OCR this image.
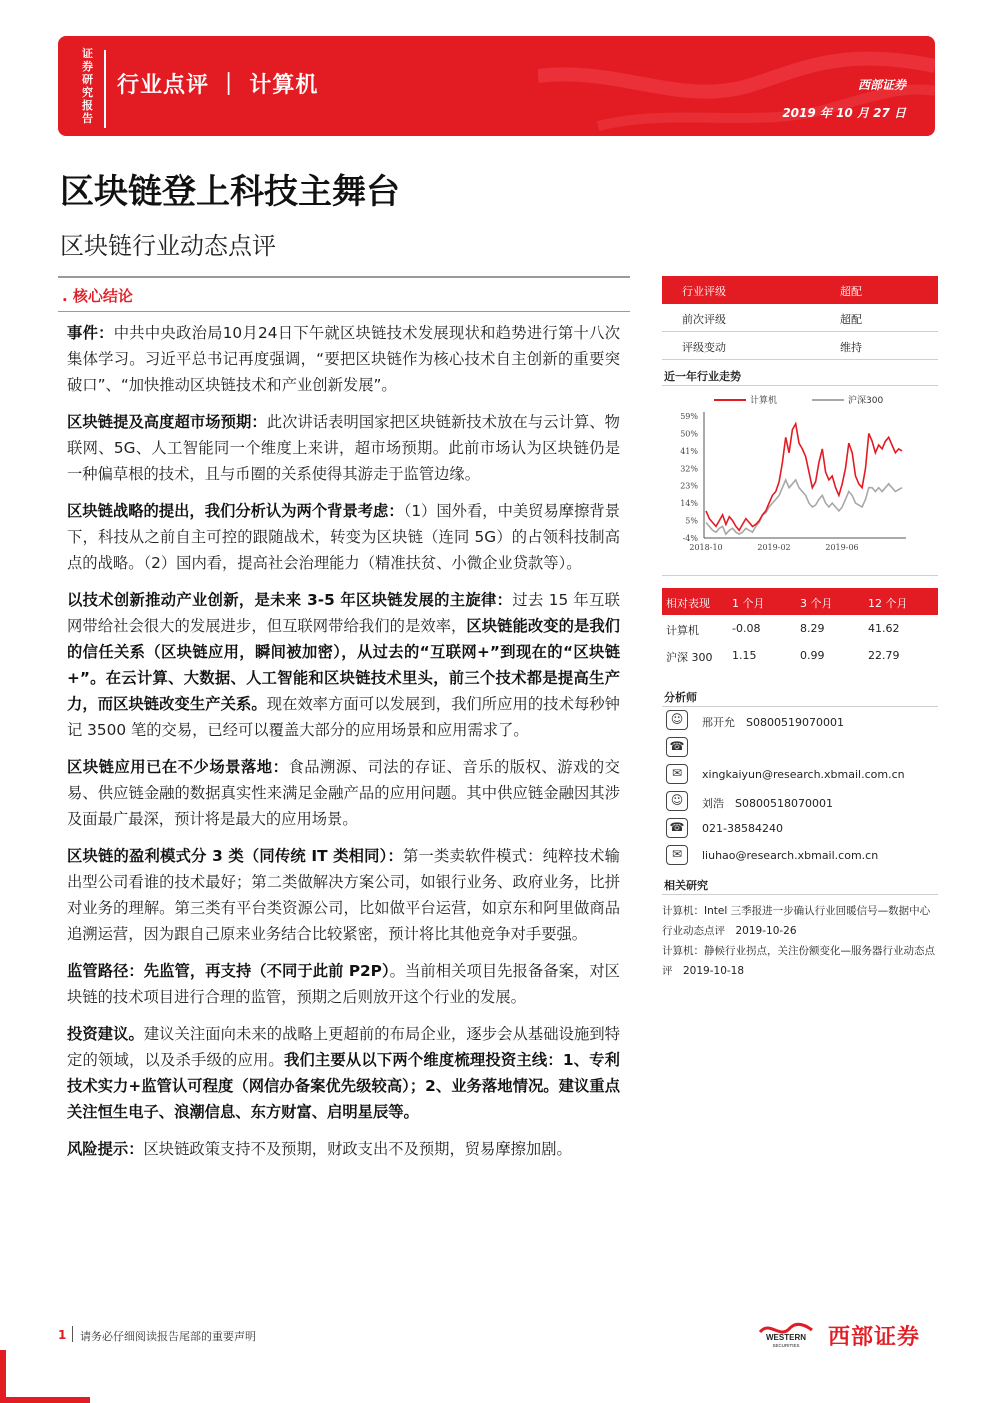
证券研究报告
行业点评 ｜ 计算机	西部证券
2019 年 10 月 27 日
区块链登上科技主舞台
区块链行业动态点评
. 核心结论

事件：中共中央政治局10月24日下午就区块链技术发展现状和趋势进行第十八次集体学习。习近平总书记再度强调，“要把区块链作为核心技术自主创新的重要突破口”、“加快推动区块链技术和产业创新发展”。

区块链提及高度超市场预期：此次讲话表明国家把区块链新技术放在与云计算、物联网、5G、人工智能同一个维度上来讲，超市场预期。此前市场认为区块链仍是一种偏草根的技术，且与币圈的关系使得其游走于监管边缘。

区块链战略的提出，我们分析认为两个背景考虑：（1）国外看，中美贸易摩擦背景下，科技从之前自主可控的跟随战术，转变为区块链（连同 5G）的占领科技制高点的战略。（2）国内看，提高社会治理能力（精准扶贫、小微企业贷款等）。

以技术创新推动产业创新，是未来 3-5 年区块链发展的主旋律：过去 15 年互联网带给社会很大的发展进步，但互联网带给我们的是效率，区块链能改变的是我们的信任关系（区块链应用，瞬间被加密），从过去的“互联网+”到现在的“区块链+”。在云计算、大数据、人工智能和区块链技术里头，前三个技术都是提高生产力，而区块链改变生产关系。现在效率方面可以发展到，我们所应用的技术每秒钟记 3500 笔的交易，已经可以覆盖大部分的应用场景和应用需求了。

区块链应用已在不少场景落地：食品溯源、司法的存证、音乐的版权、游戏的交易、供应链金融的数据真实性来满足金融产品的应用问题。其中供应链金融因其涉及面最广最深，预计将是最大的应用场景。

区块链的盈利模式分 3 类（同传统 IT 类相同）：第一类卖软件模式：纯粹技术输出型公司看谁的技术最好；第二类做解决方案公司，如银行业务、政府业务，比拼对业务的理解。第三类有平台类资源公司，比如做平台运营，如京东和阿里做商品追溯运营，因为跟自己原来业务结合比较紧密，预计将比其他竞争对手要强。

监管路径：先监管，再支持（不同于此前 P2P）。当前相关项目先报备备案，对区块链的技术项目进行合理的监管，预期之后则放开这个行业的发展。

投资建议。建议关注面向未来的战略上更超前的布局企业，逐步会从基础设施到特定的领域，以及杀手级的应用。我们主要从以下两个维度梳理投资主线：1、专利技术实力+监管认可程度（网信办备案优先级较高）；2、业务落地情况。建议重点关注恒生电子、浪潮信息、东方财富、启明星辰等。

风险提示：区块链政策支持不及预期，财政支出不及预期，贸易摩擦加剧。

行业评级	超配
前次评级	超配
评级变动	维持
近一年行业走势
59%
50%
41%
32%
23%
14%
5%
-4%
2018-10	2019-02	2019-06
计算机	沪深300
相对表现 1 个月	3 个月	12 个月
计算机	-0.08	8.29	41.62
沪深 300 1.15	0.99	22.79
分析师
☺	邢开允　S0800519070001
☎
✉	xingkaiyun@research.xbmail.com.cn
☺	刘浩　S0800518070001
☎	021-38584240
✉	liuhao@research.xbmail.com.cn
相关研究

计算机：Intel 三季报进一步确认行业回暖信号—数据中心行业动态点评　2019-10-26

计算机：静候行业拐点，关注份额变化—服务器行业动态点评　2019-10-18

1 请务必仔细阅读报告尾部的重要声明	WESTERN
SECURITIES 西部证券
